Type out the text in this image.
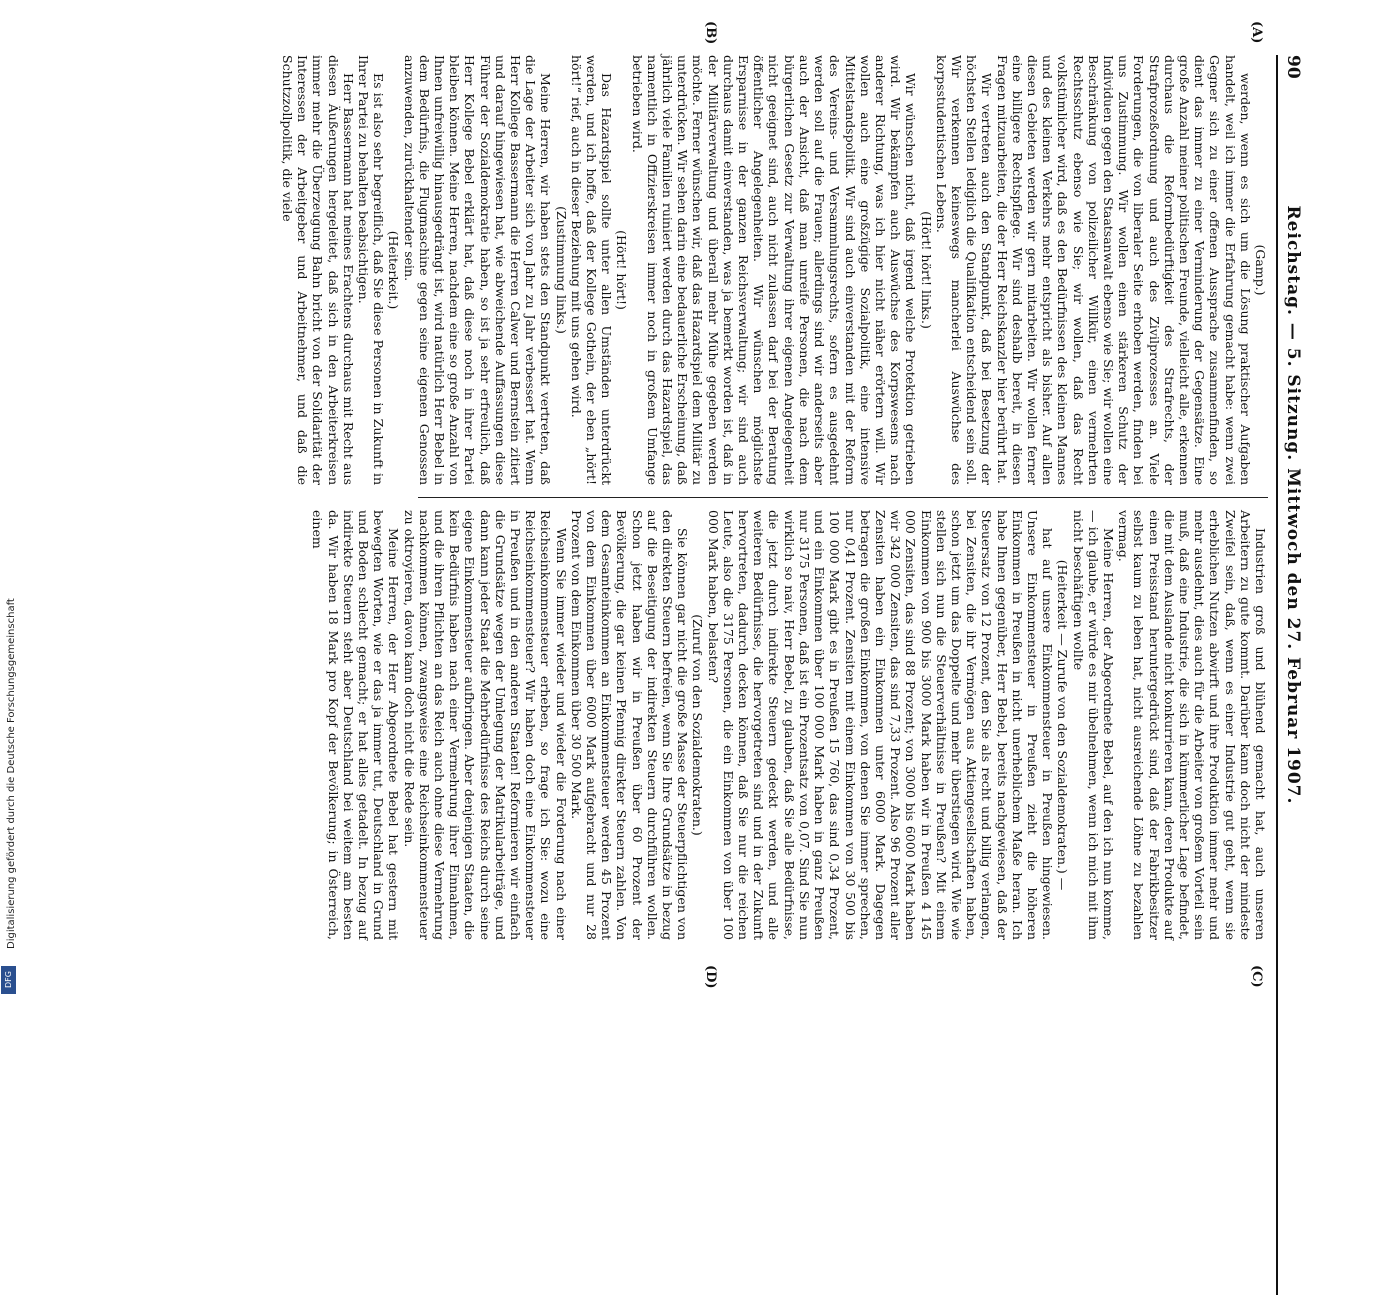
Digitalisierung gefördert durch die Deutsche Forschungsgemeinschaft
DFG
90
Reichstag. — 5. Sitzung. Mittwoch den 27. Februar 1907.
(A)
(B)
(C)
(D)

(Gamp.)

werden, wenn es sich um die Lösung praktischer Aufgaben handelt, weil ich immer die Erfahrung gemacht habe: wenn zwei Gegner sich zu einer offenen Aussprache zusammenfinden, so dient das immer zu einer Verminderung der Gegensätze. Eine große Anzahl meiner politischen Freunde, vielleicht alle, erkennen durchaus die Reformbedürftigkeit des Strafrechts, der Strafprozeßordnung und auch des Zivilprozesses an. Viele Forderungen, die von liberaler Seite erhoben werden, finden bei uns Zustimmung. Wir wollen einen stärkeren Schutz der Individuen gegen den Staatsanwalt ebenso wie Sie; wir wollen eine Beschränkung von polizeilicher Willkür, einen vermehrten Rechtsschutz ebenso wie Sie; wir wollen, daß das Recht volkstümlicher wird, daß es den Bedürfnissen des kleinen Mannes und des kleinen Verkehrs mehr entspricht als bisher. Auf allen diesen Gebieten werden wir gern mitarbeiten. Wir wollen ferner eine billigere Rechtspflege. Wir sind deshalb bereit, in diesen Fragen mitzuarbeiten, die der Herr Reichskanzler hier berührt hat.

Wir vertreten auch den Standpunkt, daß bei Besetzung der höchsten Stellen lediglich die Qualifikation entscheidend sein soll. Wir verkennen keineswegs mancherlei Auswüchse des korpsstudentischen Lebens.

(Hört! hört! links.)

Wir wünschen nicht, daß irgend welche Protektion getrieben wird. Wir bekämpfen auch Auswüchse des Korpswesens nach anderer Richtung, was ich hier nicht näher erörtern will. Wir wollen auch eine großzügige Sozialpolitik, eine intensive Mittelstandspolitik. Wir sind auch einverstanden mit der Reform des Vereins- und Versammlungsrechts, sofern es ausgedehnt werden soll auf die Frauen; allerdings sind wir anderseits aber auch der Ansicht, daß man unreife Personen, die nach dem bürgerlichen Gesetz zur Verwaltung ihrer eigenen Angelegenheit nicht geeignet sind, auch nicht zulassen darf bei der Beratung öffentlicher Angelegenheiten. Wir wünschen möglichste Ersparnisse in der ganzen Reichsverwaltung; wir sind auch durchaus damit einverstanden, was ja bemerkt worden ist, daß in der Militärverwaltung und überall mehr Mühe gegeben werden möchte. Ferner wünschen wir, daß das Hazardspiel dem Militär zu unterdrücken. Wir sehen darin eine bedauerliche Erscheinung, daß jährlich viele Familien ruiniert werden durch das Hazardspiel, das namentlich in Offizierskreisen immer noch in großem Umfange betrieben wird.

(Hört! hört!)

Das Hazardspiel sollte unter allen Umständen unterdrückt werden, und ich hoffe, daß der Kollege Gothein, der eben „hört! hört!“ rief, auch in dieser Beziehung mit uns gehen wird.

(Zustimmung links.)

Meine Herren, wir haben stets den Standpunkt vertreten, daß die Lage der Arbeiter sich von Jahr zu Jahr verbessert hat. Wenn Herr Kollege Bassermann die Herren Calwer und Bernstein zitiert und darauf hingewiesen hat, wie abweichende Auffassungen diese Führer der Sozialdemokratie haben, so ist ja sehr erfreulich, daß Herr Kollege Bebel erklärt hat, daß diese noch in ihrer Partei bleiben können. Meine Herren, nachdem eine so große Anzahl von Ihnen unfreiwillig hinausgedrängt ist, wird natürlich Herr Bebel in dem Bedürfnis, die Flugmaschine gegen seine eigenen Genossen anzuwenden, zurückhaltender sein.

(Heiterkeit.)

Es ist also sehr begreiflich, daß Sie diese Personen in Zukunft in Ihrer Partei zu behalten beabsichtigen.

Herr Bassermann hat meines Erachtens durchaus mit Recht aus diesen Äußerungen hergeleitet, daß sich in den Arbeiterkreisen immer mehr die Überzeugung Bahn bricht von der Solidarität der Interessen der Arbeitgeber und Arbeitnehmer, und daß die Schutzzollpolitik, die viele

Industrien groß und blühend gemacht hat, auch unseren Arbeitern zu gute kommt. Darüber kann doch nicht der mindeste Zweifel sein, daß, wenn es einer Industrie gut geht, wenn sie erheblichen Nutzen abwirft und ihre Produktion immer mehr und mehr ausdehnt, dies auch für die Arbeiter von großem Vorteil sein muß, daß eine Industrie, die sich in kümmerlicher Lage befindet, die mit dem Auslande nicht konkurrieren kann, deren Produkte auf einen Preisstand heruntergedrückt sind, daß der Fabrikbesitzer selbst kaum zu leben hat, nicht ausreichende Löhne zu bezahlen vermag.

Meine Herren, der Abgeordnete Bebel, auf den ich nun komme, — ich glaube, er würde es mir übelnehmen, wenn ich mich mit ihm nicht beschäftigen wollte

(Heiterkeit — Zurufe von den Sozialdemokraten.) —

hat auf unsere Einkommensteuer in Preußen hingewiesen. Unsere Einkommensteuer in Preußen zieht die höheren Einkommen in Preußen in nicht unerheblichem Maße heran. Ich habe Ihnen gegenüber, Herr Bebel, bereits nachgewiesen, daß der Steuersatz von 12 Prozent, den Sie als recht und billig verlangen, bei Zensiten, die ihr Vermögen aus Aktiengesellschaften haben, schon jetzt um das Doppelte und mehr überstiegen wird. Wie wie stellen sich nun die Steuerverhältnisse in Preußen? Mit einem Einkommen von 900 bis 3000 Mark haben wir in Preußen 4 145 000 Zensiten, das sind 88 Prozent; von 3000 bis 6000 Mark haben wir 342 000 Zensiten, das sind 7,33 Prozent. Also 96 Prozent aller Zensiten haben ein Einkommen unter 6000 Mark. Dagegen betragen die großen Einkommen, von denen Sie immer sprechen, nur 0,41 Prozent. Zensiten mit einem Einkommen von 30 500 bis 100 000 Mark gibt es in Preußen 15 760, das sind 0,34 Prozent, und ein Einkommen über 100 000 Mark haben in ganz Preußen nur 3175 Personen, daß ist ein Prozentsatz von 0,07. Sind Sie nun wirklich so naiv, Herr Bebel, zu glauben, daß Sie alle Bedürfnisse, die jetzt durch indirekte Steuern gedeckt werden, und alle weiteren Bedürfnisse, die hervorgetreten sind und in der Zukunft hervortreten, dadurch decken können, daß Sie nur die reichen Leute, also die 3175 Personen, die ein Einkommen von über 100 000 Mark haben, belasten?

(Zuruf von den Sozialdemokraten.)

Sie können gar nicht die große Masse der Steuerpflichtigen von den direkten Steuern befreien, wenn Sie Ihre Grundsätze in bezug auf die Beseitigung der indirekten Steuern durchführen wollen. Schon jetzt haben wir in Preußen über 60 Prozent der Bevölkerung, die gar keinen Pfennig direkter Steuern zahlen. Von dem Gesamteinkommen an Einkommensteuer werden 45 Prozent von dem Einkommen über 6000 Mark aufgebracht und nur 28 Prozent von dem Einkommen über 30 500 Mark.

Wenn Sie immer wieder und wieder die Forderung nach einer Reichseinkommensteuer erheben, so frage ich Sie: wozu eine Reichseinkommensteuer? Wir haben doch eine Einkommensteuer in Preußen und in den anderen Staaten! Reformieren wir einfach die Grundsätze wegen der Umlegung der Matrikularbeiträge, und dann kann jeder Staat die Mehrbedürfnisse des Reichs durch seine eigene Einkommensteuer aufbringen. Aber denjenigen Staaten, die kein Bedürfnis haben nach einer Vermehrung ihrer Einnahmen, und die ihren Pflichten an das Reich auch ohne diese Vermehrung nachkommen können, zwangsweise eine Reichseinkommensteuer zu oktroyieren, davon kann doch nicht die Rede sein.

Meine Herren, der Herr Abgeordnete Bebel hat gestern mit bewegten Worten, wie er das ja immer tut, Deutschland in Grund und Boden schlecht gemacht; er hat alles getadelt. In bezug auf indirekte Steuern steht aber Deutschland bei weitem am besten da. Wir haben 18 Mark pro Kopf der Bevölkerung; in Österreich, einem
